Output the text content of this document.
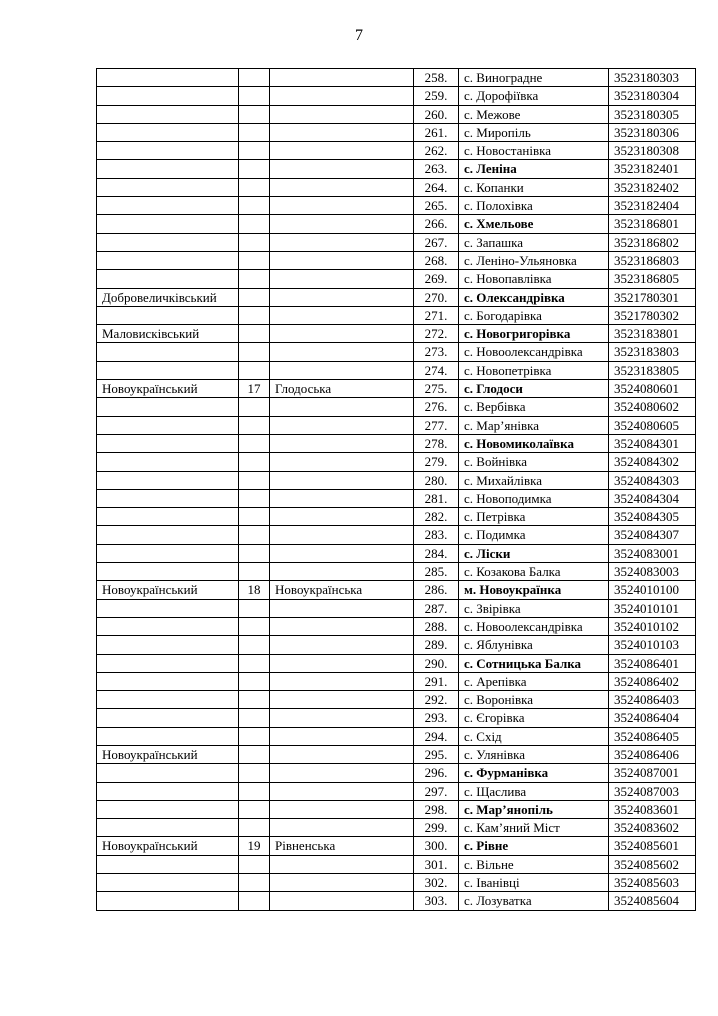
7
			258.	с. Виноградне	3523180303
			259.	с. Дорофіївка	3523180304
			260.	с. Межове	3523180305
			261.	с. Миропіль	3523180306
			262.	с. Новостанівка	3523180308
			263.	с. Леніна	3523182401
			264.	с. Копанки	3523182402
			265.	с. Полохівка	3523182404
			266.	с. Хмельове	3523186801
			267.	с. Запашка	3523186802
			268.	с. Леніно-Ульяновка	3523186803
			269.	с. Новопавлівка	3523186805
Добровеличківський			270.	с. Олександрівка	3521780301
			271.	с. Богодарівка	3521780302
Маловисківський			272.	с. Новогригорівка	3523183801
			273.	с. Новоолександрівка	3523183803
			274.	с. Новопетрівка	3523183805
Новоукраїнський	17	Глодоська	275.	с. Глодоси	3524080601
			276.	с. Вербівка	3524080602
			277.	с. Мар’янівка	3524080605
			278.	с. Новомиколаївка	3524084301
			279.	с. Войнівка	3524084302
			280.	с. Михайлівка	3524084303
			281.	с. Новоподимка	3524084304
			282.	с. Петрівка	3524084305
			283.	с. Подимка	3524084307
			284.	с. Ліски	3524083001
			285.	с. Козакова Балка	3524083003
Новоукраїнський	18	Новоукраїнська	286.	м. Новоукраїнка	3524010100
			287.	с. Звірівка	3524010101
			288.	с. Новоолександрівка	3524010102
			289.	с. Яблунівка	3524010103
			290.	с. Сотницька Балка	3524086401
			291.	с. Арепівка	3524086402
			292.	с. Воронівка	3524086403
			293.	с. Єгорівка	3524086404
			294.	с. Схід	3524086405
Новоукраїнський			295.	с. Улянівка	3524086406
			296.	с. Фурманівка	3524087001
			297.	с. Щаслива	3524087003
			298.	с. Мар’янопіль	3524083601
			299.	с. Кам’яний Міст	3524083602
Новоукраїнський	19	Рівненська	300.	с. Рівне	3524085601
			301.	с. Вільне	3524085602
			302.	с. Іванівці	3524085603
			303.	с. Лозуватка	3524085604
